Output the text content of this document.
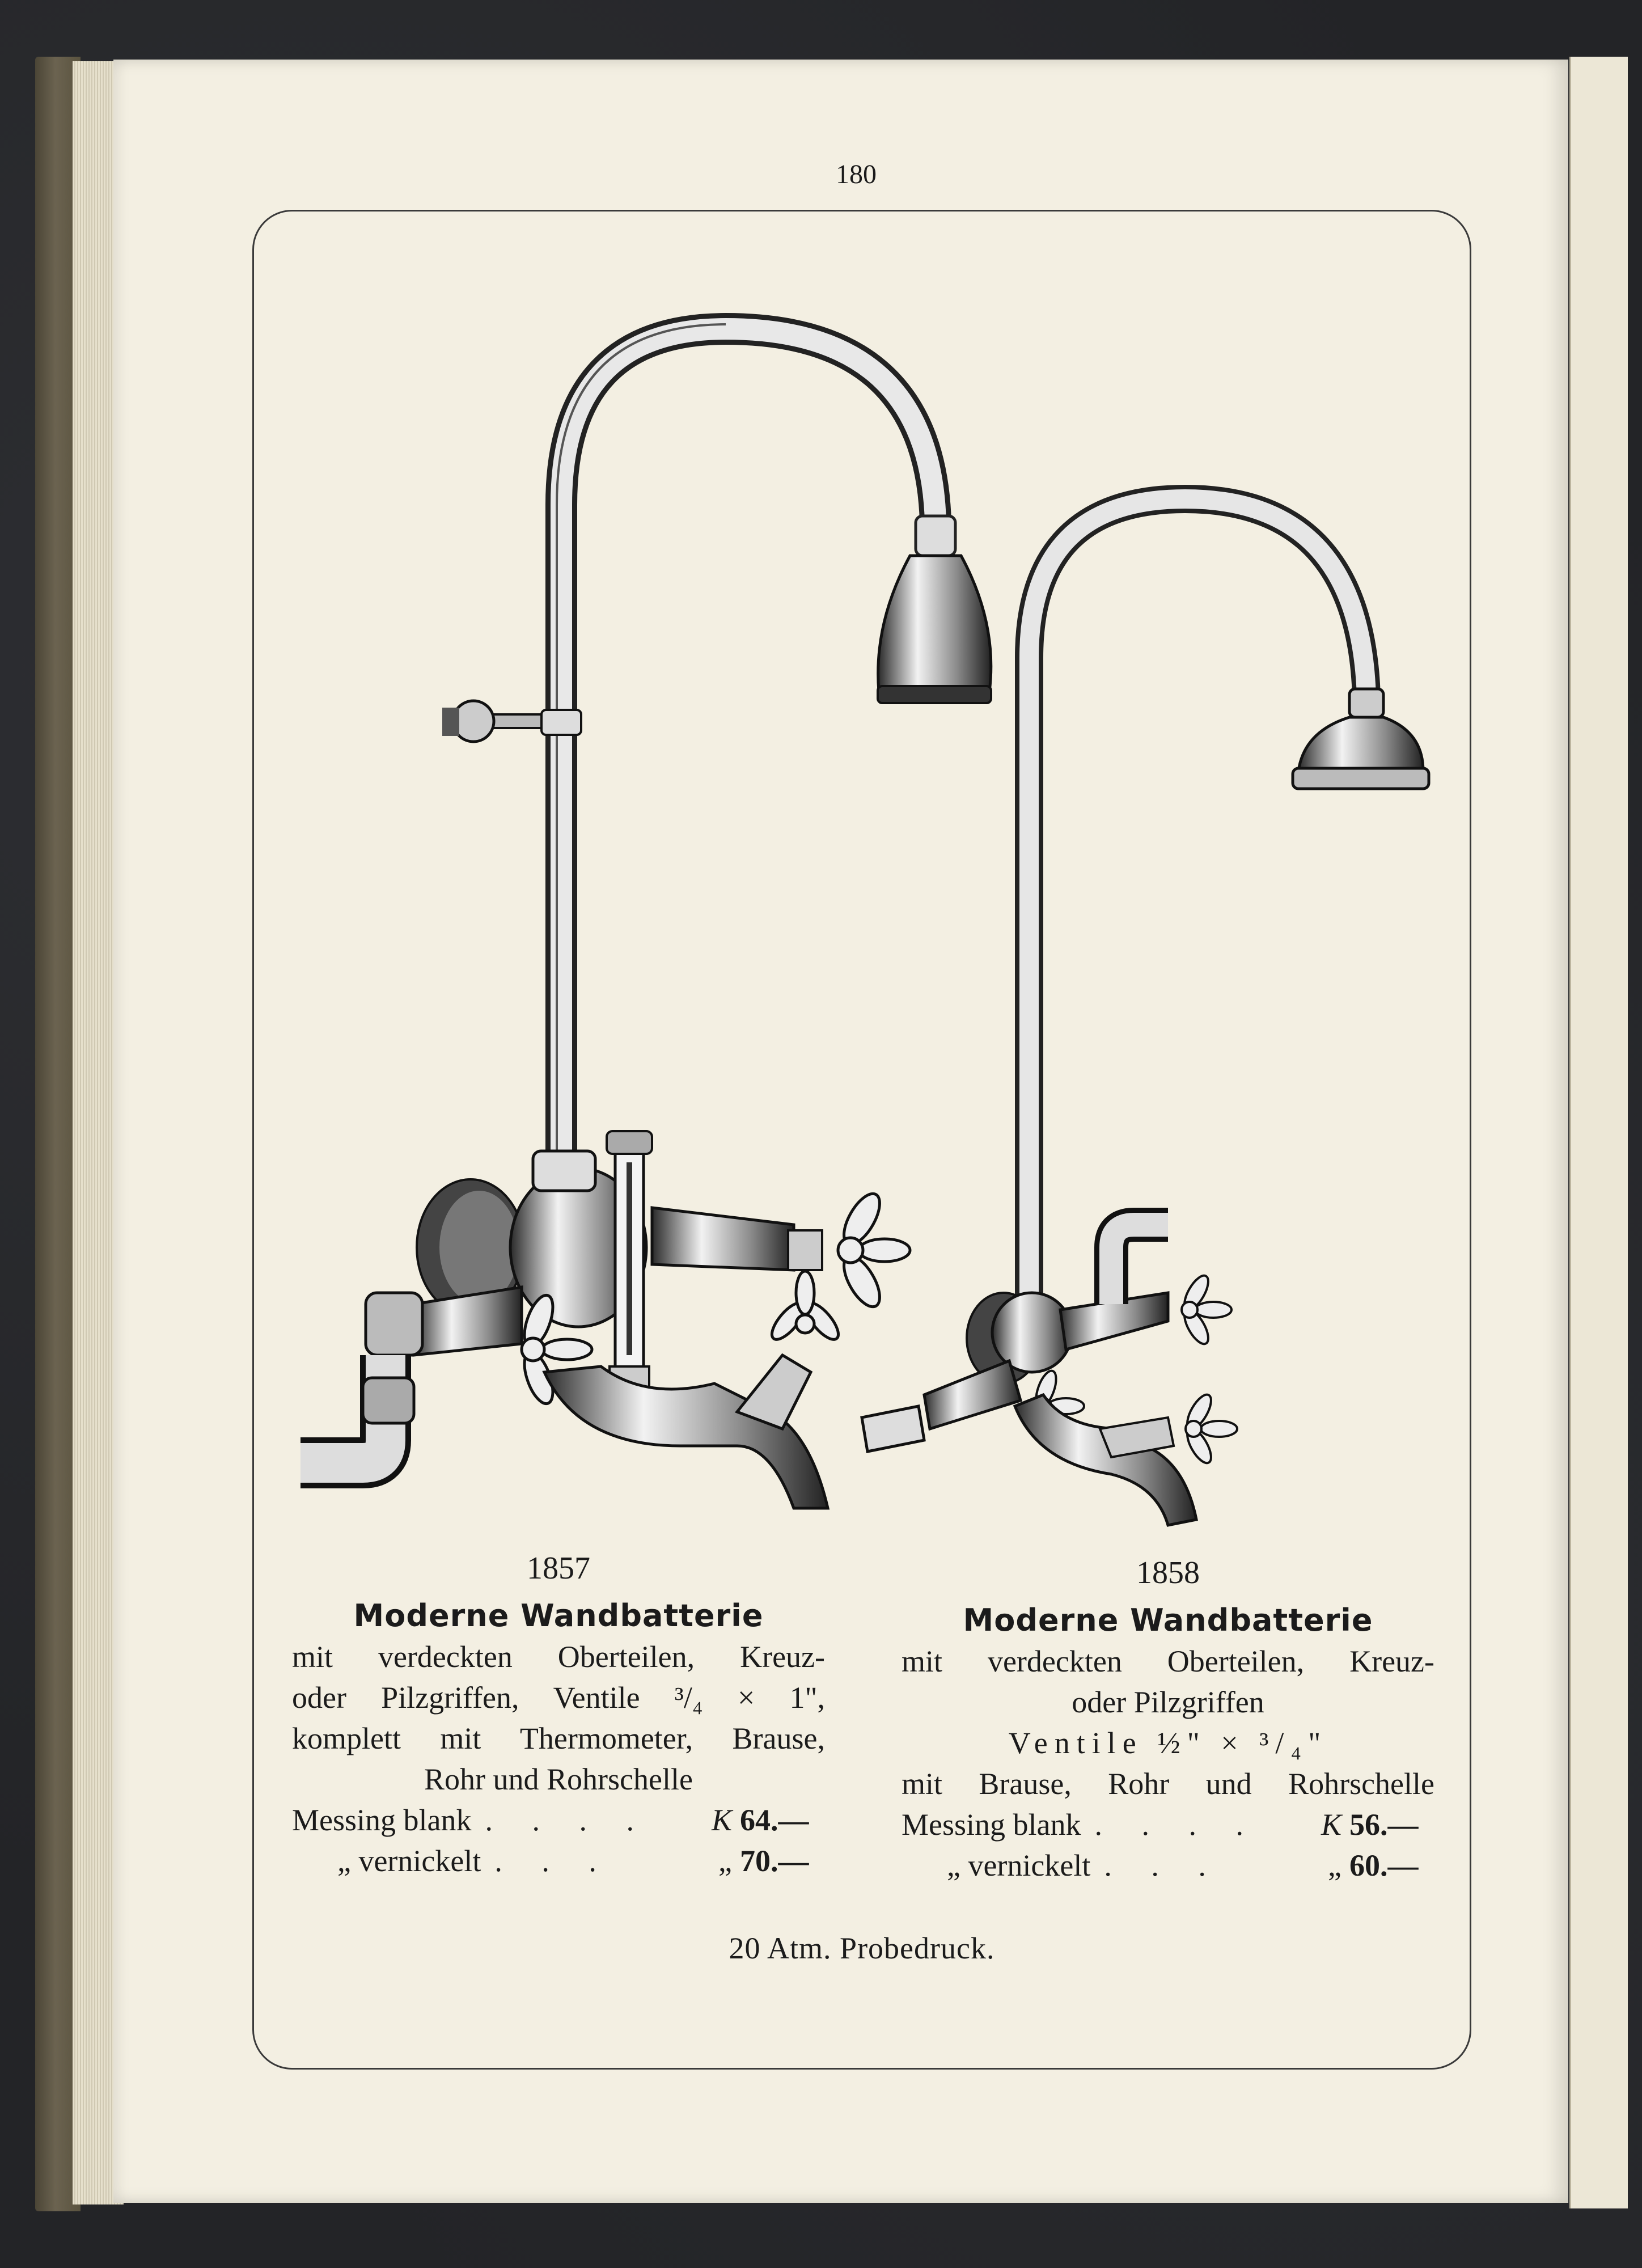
180
1857
Moderne Wandbatterie
mit verdeckten Oberteilen, Kreuz-
oder Pilzgriffen, Ventile ³/₄ × 1",
komplett mit Thermometer, Brause,
Rohr und Rohrschelle
Messing blank . . . .	K 64.—
„ vernickelt . . .	„ 70.—
1858
Moderne Wandbatterie
mit verdeckten Oberteilen, Kreuz-
oder Pilzgriffen
Ventile ½" × ³/₄"
mit Brause, Rohr und Rohrschelle
Messing blank . . . .	K 56.—
„ vernickelt . . .	„ 60.—
20 Atm. Probedruck.
